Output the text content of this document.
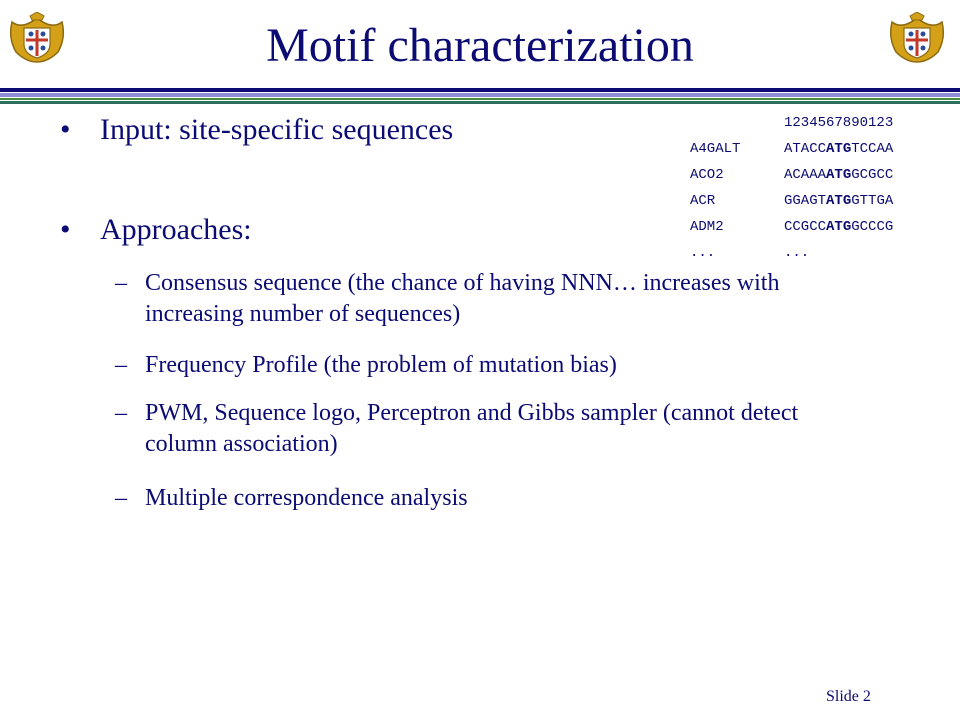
Motif characterization
• Input: site-specific sequences
• Approaches:
– Consensus sequence (the chance of having NNN… increases with increasing number of sequences)
– Frequency Profile (the problem of mutation bias)
– PWM, Sequence logo, Perceptron and Gibbs sampler (cannot detect column association)
– Multiple correspondence analysis
1234567890123
A4GALT	ATACCATGTCCAA
ACO2	ACAAAATGGCGCC
ACR	GGAGTATGGTTGA
ADM2	CCGCCATGGCCCG
...	...
Slide 2
